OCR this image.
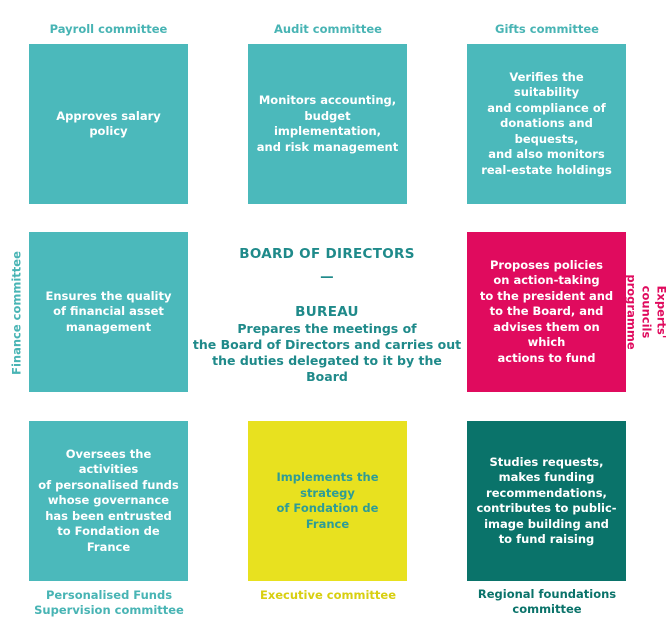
Payroll committee	Audit committee	Gifts committee
Approves salary policy
Monitors accounting,
budget implementation,
and risk management
Verifies the suitability
and compliance of
donations and bequests,
and also monitors
real-estate holdings
Finance committee Ensures the quality
of financial asset
management
BOARD OF DIRECTORS
—
BUREAU
Prepares the meetings of
the Board of Directors and carries out
the duties delegated to it by the Board
Proposes policies
on action-taking
to the president and
to the Board, and
advises them on which
actions to fund
Experts' councils
programme
Oversees the activities
of personalised funds
whose governance
has been entrusted
to Fondation de France
Implements the strategy
of Fondation de France
Studies requests,
makes funding
recommendations,
contributes to public-
image building and
to fund raising
Personalised Funds
Supervision committee
Executive committee	Regional foundations
committee
